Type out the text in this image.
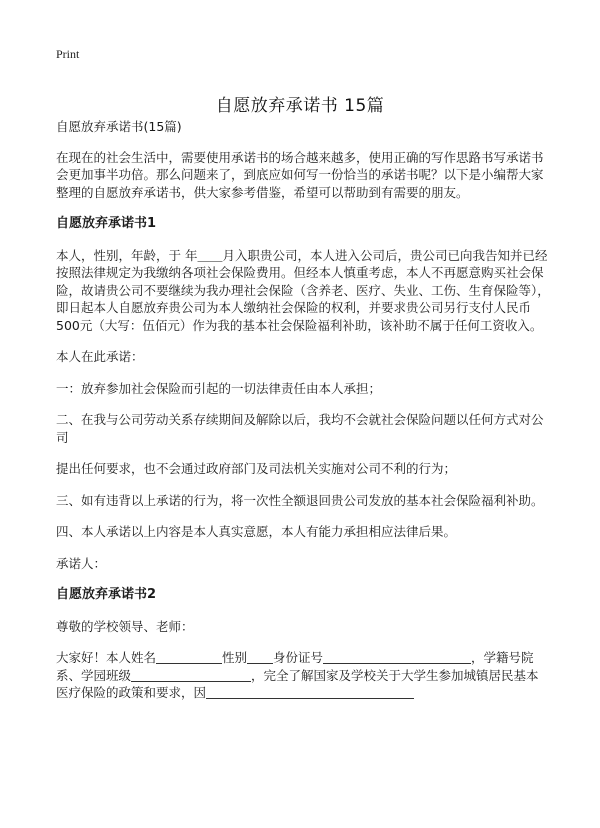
Print
自愿放弃承诺书 15篇

自愿放弃承诺书(15篇)

在现在的社会生活中，需要使用承诺书的场合越来越多，使用正确的写作思路书写承诺书会更加事半功倍。那么问题来了，到底应如何写一份恰当的承诺书呢？以下是小编帮大家整理的自愿放弃承诺书，供大家参考借鉴，希望可以帮助到有需要的朋友。

自愿放弃承诺书1

本人，性别，年龄，于 年＿＿月入职贵公司，本人进入公司后，贵公司已向我告知并已经按照法律规定为我缴纳各项社会保险费用。但经本人慎重考虑，本人不再愿意购买社会保险，故请贵公司不要继续为我办理社会保险（含养老、医疗、失业、工伤、生育保险等），即日起本人自愿放弃贵公司为本人缴纳社会保险的权利，并要求贵公司另行支付人民币500元（大写：伍佰元）作为我的基本社会保险福利补助，该补助不属于任何工资收入。

本人在此承诺：

一：放弃参加社会保险而引起的一切法律责任由本人承担；

二、在我与公司劳动关系存续期间及解除以后，我均不会就社会保险问题以任何方式对公司

提出任何要求，也不会通过政府部门及司法机关实施对公司不利的行为；

三、如有违背以上承诺的行为，将一次性全额退回贵公司发放的基本社会保险福利补助。

四、本人承诺以上内容是本人真实意愿，本人有能力承担相应法律后果。

承诺人：

自愿放弃承诺书2

尊敬的学校领导、老师：

大家好！本人姓名	性别 身份证号	，学籍号院系、学园班级	，完全了解国家及学校关于大学生参加城镇居民基本医疗保险的政策和要求，因
